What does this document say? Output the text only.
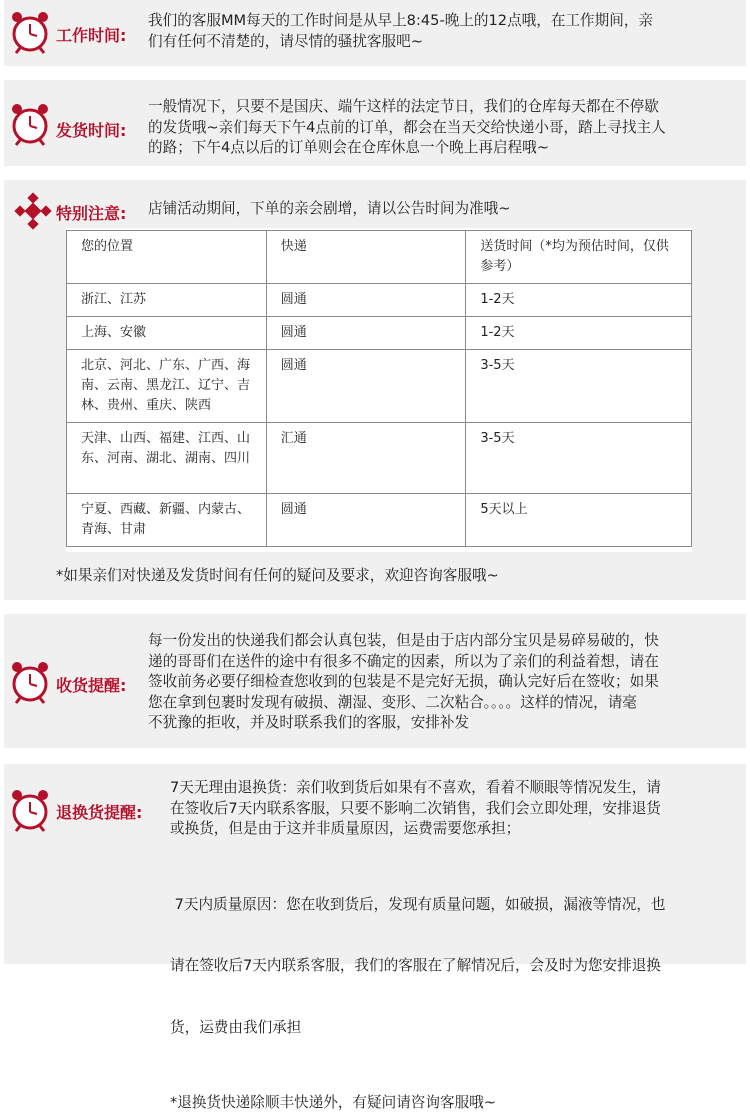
工作时间:
我们的客服MM每天的工作时间是从早上8:45-晚上的12点哦，在工作期间，亲
们有任何不清楚的，请尽情的骚扰客服吧~
发货时间:
一般情况下，只要不是国庆、端午这样的法定节日，我们的仓库每天都在不停歇
的发货哦~亲们每天下午4点前的订单，都会在当天交给快递小哥，踏上寻找主人
的路；下午4点以后的订单则会在仓库休息一个晚上再启程哦~
特别注意: 店铺活动期间，下单的亲会剧增，请以公告时间为准哦~
您的位置	快递	送货时间（*均为预估时间，仅供参考）
浙江、江苏	圆通	1-2天
上海、安徽	圆通	1-2天
北京、河北、广东、广西、海南、云南、黑龙江、辽宁、吉林、贵州、重庆、陕西	圆通	3-5天
天津、山西、福建、江西、山东、河南、湖北、湖南、四川	汇通	3-5天
宁夏、西藏、新疆、内蒙古、青海、甘肃	圆通	5天以上
*如果亲们对快递及发货时间有任何的疑问及要求，欢迎咨询客服哦~
收货提醒:
每一份发出的快递我们都会认真包装，但是由于店内部分宝贝是易碎易破的，快
递的哥哥们在送件的途中有很多不确定的因素，所以为了亲们的利益着想，请在
签收前务必要仔细检查您收到的包装是不是完好无损，确认完好后在签收；如果
您在拿到包裹时发现有破损、潮湿、变形、二次粘合。。。。这样的情况，请毫
不犹豫的拒收，并及时联系我们的客服，安排补发
退换货提醒:
7天无理由退换货：亲们收到货后如果有不喜欢，看着不顺眼等情况发生，请
在签收后7天内联系客服，只要不影响二次销售，我们会立即处理，安排退货
或换货，但是由于这并非质量原因，运费需要您承担；

7天内质量原因：您在收到货后，发现有质量问题，如破损，漏液等情况，也

请在签收后7天内联系客服，我们的客服在了解情况后，会及时为您安排退换

货，运费由我们承担

*退换货快递除顺丰快递外，有疑问请咨询客服哦~
